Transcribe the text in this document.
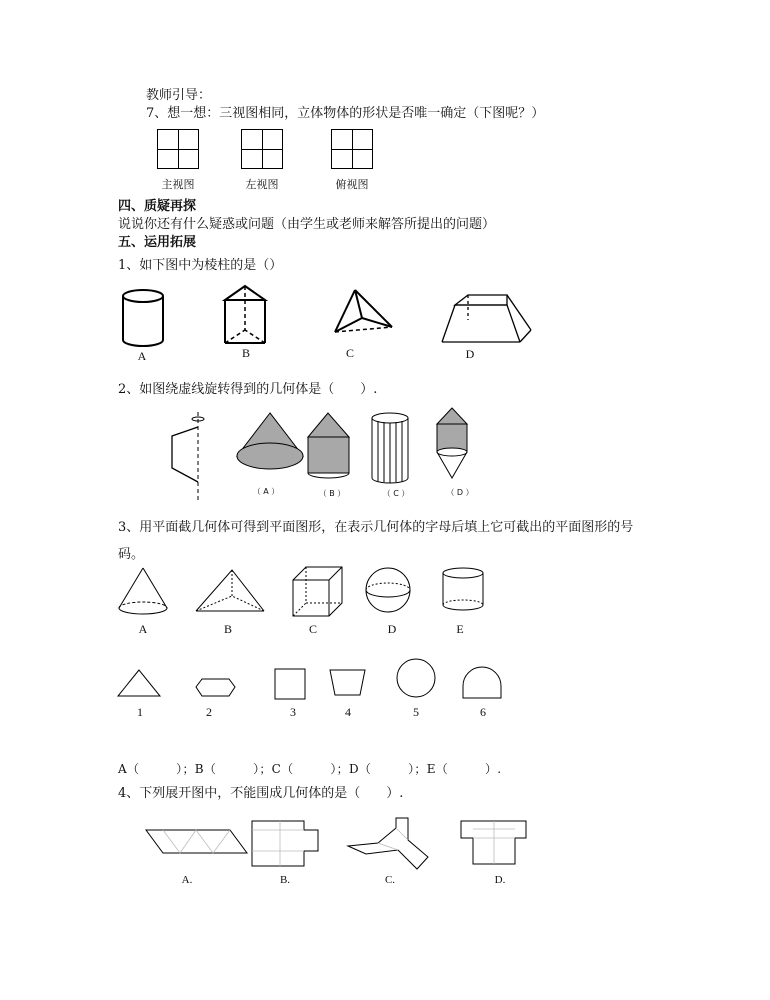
教师引导：
7、想一想：三视图相同，立体物体的形状是否唯一确定（下图呢？）
主视图	左视图	俯视图
四、质疑再探
说说你还有什么疑惑或问题（由学生或老师来解答所提出的问题）
五、运用拓展
1、如下图中为棱柱的是（）
A	B	C	D
2、如图绕虚线旋转得到的几何体是（　　）.
（ A ）	（ B ）	（ C ）	（ D ）
3、用平面截几何体可得到平面图形，在表示几何体的字母后填上它可截出的平面图形的号
码。
A	B	C	D	E
1	2	3	4	5	6
A（　　　）；B（　　　）；C（　　　）；D（　　　）；E（　　　）.
4、下列展开图中，不能围成几何体的是（　　）.
A.	B.	C.	D.
